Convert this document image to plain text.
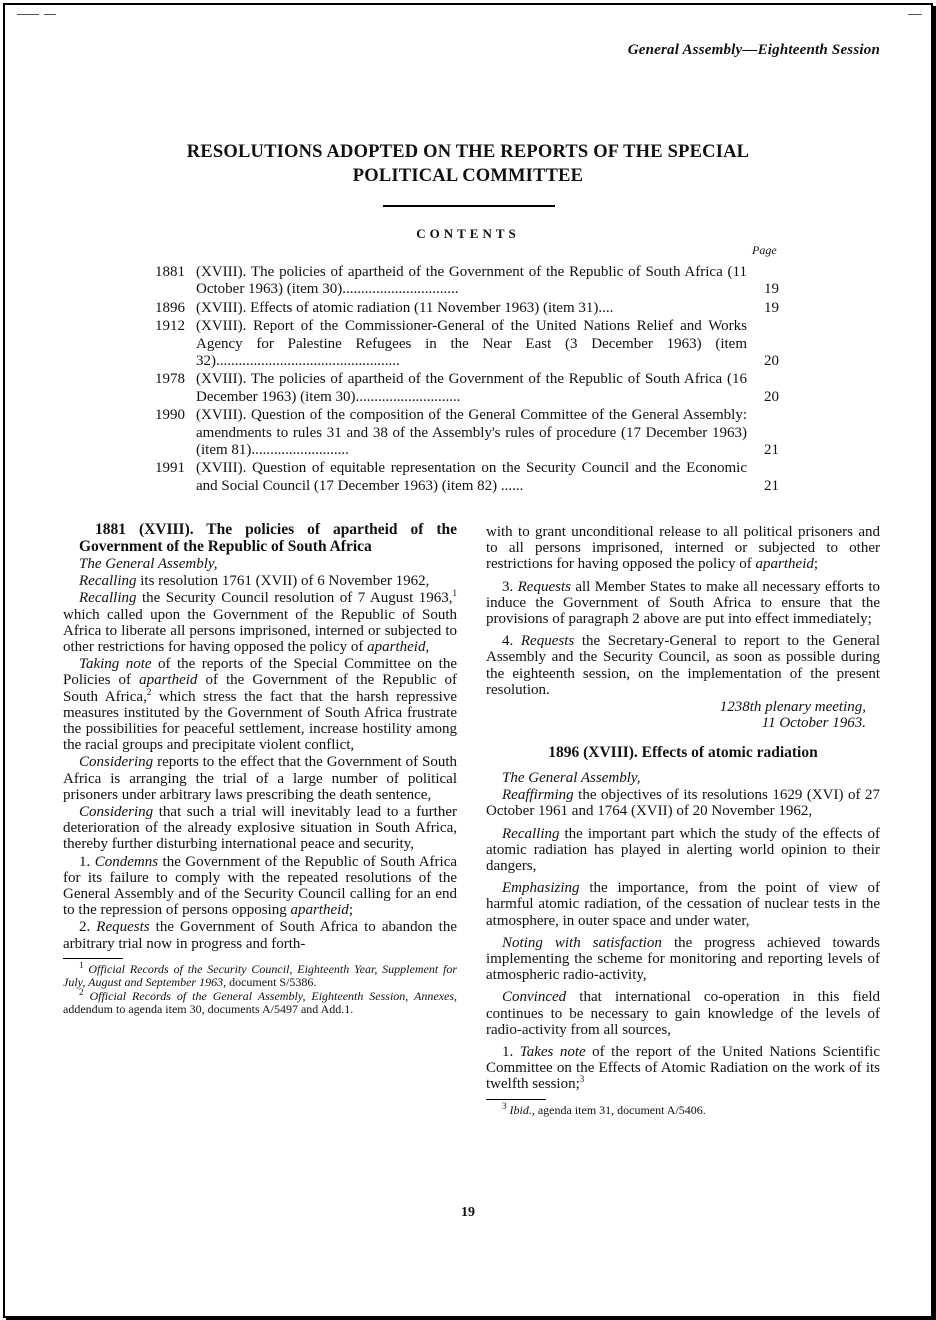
General Assembly—Eighteenth Session
RESOLUTIONS ADOPTED ON THE REPORTS OF THE SPECIAL
POLITICAL COMMITTEE
CONTENTS
Page
1881 (XVIII). The policies of apartheid of the Government of the Republic of South Africa (11 October 1963) (item 30)...............................	19
1896 (XVIII). Effects of atomic radiation (11 November 1963) (item 31)....	19
1912 (XVIII). Report of the Commissioner-General of the United Nations Relief and Works Agency for Palestine Refugees in the Near East (3 December 1963) (item 32).................................................	20
1978 (XVIII). The policies of apartheid of the Government of the Republic of South Africa (16 December 1963) (item 30)............................	20
1990 (XVIII). Question of the composition of the General Committee of the General Assembly: amendments to rules 31 and 38 of the Assembly's rules of procedure (17 December 1963) (item 81)..........................	21
1991 (XVIII). Question of equitable representation on the Security Council and the Economic and Social Council (17 December 1963) (item 82) ......	21

1881 (XVIII). The policies of apartheid of the Government of the Republic of South Africa

The General Assembly,

Recalling its resolution 1761 (XVII) of 6 November 1962,

Recalling the Security Council resolution of 7 August 1963,$^1$ which called upon the Government of the Republic of South Africa to liberate all persons imprisoned, interned or subjected to other restrictions for having opposed the policy of apartheid,

Taking note of the reports of the Special Committee on the Policies of apartheid of the Government of the Republic of South Africa,$^2$ which stress the fact that the harsh repressive measures instituted by the Government of South Africa frustrate the possibilities for peaceful settlement, increase hostility among the racial groups and precipitate violent conflict,

Considering reports to the effect that the Government of South Africa is arranging the trial of a large number of political prisoners under arbitrary laws prescribing the death sentence,

Considering that such a trial will inevitably lead to a further deterioration of the already explosive situation in South Africa, thereby further disturbing international peace and security,

1. Condemns the Government of the Republic of South Africa for its failure to comply with the repeated resolutions of the General Assembly and of the Security Council calling for an end to the repression of persons opposing apartheid;

2. Requests the Government of South Africa to abandon the arbitrary trial now in progress and forth-

$^1$ Official Records of the Security Council, Eighteenth Year, Supplement for July, August and September 1963, document S/5386.

$^2$ Official Records of the General Assembly, Eighteenth Session, Annexes, addendum to agenda item 30, documents A/5497 and Add.1.

with to grant unconditional release to all political prisoners and to all persons imprisoned, interned or subjected to other restrictions for having opposed the policy of apartheid;

3. Requests all Member States to make all necessary efforts to induce the Government of South Africa to ensure that the provisions of paragraph 2 above are put into effect immediately;

4. Requests the Secretary-General to report to the General Assembly and the Security Council, as soon as possible during the eighteenth session, on the implementation of the present resolution.

1238th plenary meeting,
11 October 1963.

1896 (XVIII). Effects of atomic radiation

The General Assembly,

Reaffirming the objectives of its resolutions 1629 (XVI) of 27 October 1961 and 1764 (XVII) of 20 November 1962,

Recalling the important part which the study of the effects of atomic radiation has played in alerting world opinion to their dangers,

Emphasizing the importance, from the point of view of harmful atomic radiation, of the cessation of nuclear tests in the atmosphere, in outer space and under water,

Noting with satisfaction the progress achieved towards implementing the scheme for monitoring and reporting levels of atmospheric radio-activity,

Convinced that international co-operation in this field continues to be necessary to gain knowledge of the levels of radio-activity from all sources,

1. Takes note of the report of the United Nations Scientific Committee on the Effects of Atomic Radiation on the work of its twelfth session;$^3$

$^3$ Ibid., agenda item 31, document A/5406.

19
